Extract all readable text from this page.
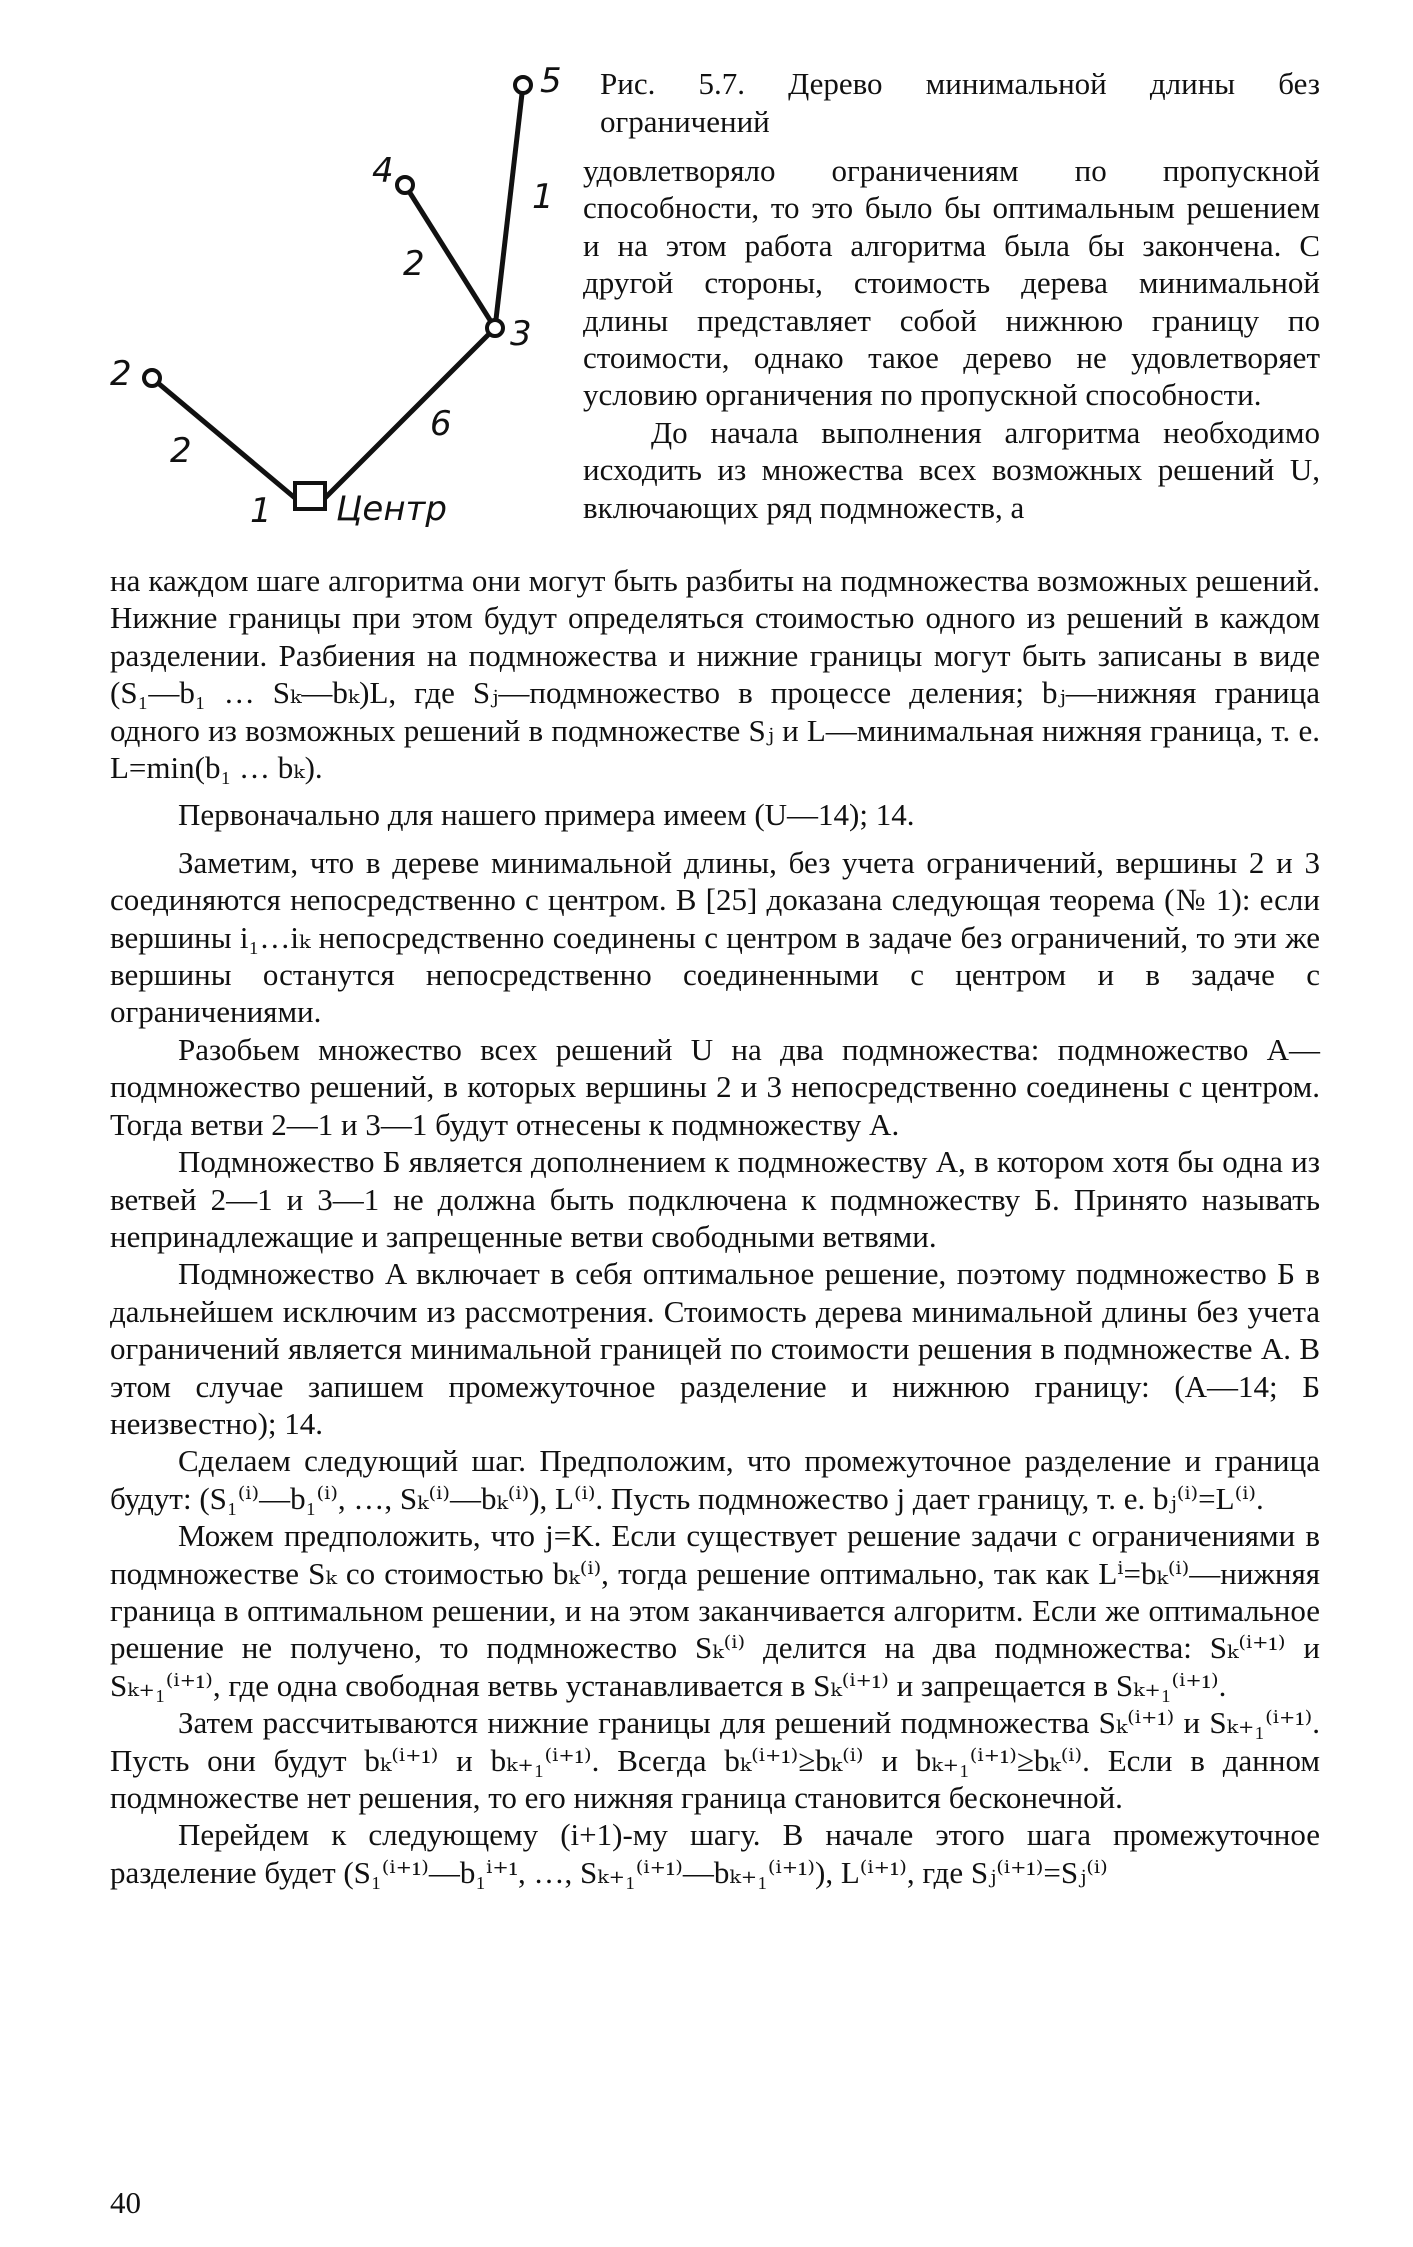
5
4
3
2
1 Центр
1
2
6
2
Рис. 5.7. Дерево минимальной длины без ограничений

удовлетворяло ограничениям по пропускной способности, то это было бы оптимальным решением и на этом работа алгоритма была бы закончена. С другой стороны, стоимость дерева минимальной длины представляет собой нижнюю границу по стоимости, однако такое дерево не удовлетворяет условию органичения по пропускной способности.

До начала выполнения алгоритма необходимо исходить из множества всех возможных решений U, включающих ряд подмножеств, а

на каждом шаге алгоритма они могут быть разбиты на подмножества возможных решений. Нижние границы при этом будут определяться стоимостью одного из решений в каждом разделении. Разбиения на подмножества и нижние границы могут быть записаны в виде (S₁—b₁ … Sₖ—bₖ)L, где Sⱼ—подмножество в процессе деления; bⱼ—нижняя граница одного из возможных решений в подмножестве Sⱼ и L—минимальная нижняя граница, т. е. L=min(b₁ … bₖ).

Первоначально для нашего примера имеем (U—14); 14.

Заметим, что в дереве минимальной длины, без учета ограничений, вершины 2 и 3 соединяются непосредственно с центром. В [25] доказана следующая теорема (№ 1): если вершины i₁…iₖ непосредственно соединены с центром в задаче без ограничений, то эти же вершины останутся непосредственно соединенными с центром и в задаче с ограничениями.

Разобьем множество всех решений U на два подмножества: подмножество A—подмножество решений, в которых вершины 2 и 3 непосредственно соединены с центром. Тогда ветви 2—1 и 3—1 будут отнесены к подмножеству A.

Подмножество Б является дополнением к подмножеству A, в котором хотя бы одна из ветвей 2—1 и 3—1 не должна быть подключена к подмножеству Б. Принято называть непринадлежащие и запрещенные ветви свободными ветвями.

Подмножество A включает в себя оптимальное решение, поэтому подмножество Б в дальнейшем исключим из рассмотрения. Стоимость дерева минимальной длины без учета ограничений является минимальной границей по стоимости решения в подмножестве A. В этом случае запишем промежуточное разделение и нижнюю границу: (A—14; Б неизвестно); 14.

Сделаем следующий шаг. Предположим, что промежуточное разделение и граница будут: (S₁⁽ⁱ⁾—b₁⁽ⁱ⁾, …, Sₖ⁽ⁱ⁾—bₖ⁽ⁱ⁾), L⁽ⁱ⁾. Пусть подмножество j дает границу, т. е. bⱼ⁽ⁱ⁾=L⁽ⁱ⁾.

Можем предположить, что j=K. Если существует решение задачи с ограничениями в подмножестве Sₖ со стоимостью bₖ⁽ⁱ⁾, тогда решение оптимально, так как Lⁱ=bₖ⁽ⁱ⁾—нижняя граница в оптимальном решении, и на этом заканчивается алгоритм. Если же оптимальное решение не получено, то подмножество Sₖ⁽ⁱ⁾ делится на два подмножества: Sₖ⁽ⁱ⁺¹⁾ и Sₖ₊₁⁽ⁱ⁺¹⁾, где одна свободная ветвь устанавливается в Sₖ⁽ⁱ⁺¹⁾ и запрещается в Sₖ₊₁⁽ⁱ⁺¹⁾.

Затем рассчитываются нижние границы для решений подмножества Sₖ⁽ⁱ⁺¹⁾ и Sₖ₊₁⁽ⁱ⁺¹⁾. Пусть они будут bₖ⁽ⁱ⁺¹⁾ и bₖ₊₁⁽ⁱ⁺¹⁾. Всегда bₖ⁽ⁱ⁺¹⁾≥bₖ⁽ⁱ⁾ и bₖ₊₁⁽ⁱ⁺¹⁾≥bₖ⁽ⁱ⁾. Если в данном подмножестве нет решения, то его нижняя граница становится бесконечной.

Перейдем к следующему (i+1)-му шагу. В начале этого шага промежуточное разделение будет (S₁⁽ⁱ⁺¹⁾—b₁ⁱ⁺¹, …, Sₖ₊₁⁽ⁱ⁺¹⁾—bₖ₊₁⁽ⁱ⁺¹⁾), L⁽ⁱ⁺¹⁾, где Sⱼ⁽ⁱ⁺¹⁾=Sⱼ⁽ⁱ⁾

40
